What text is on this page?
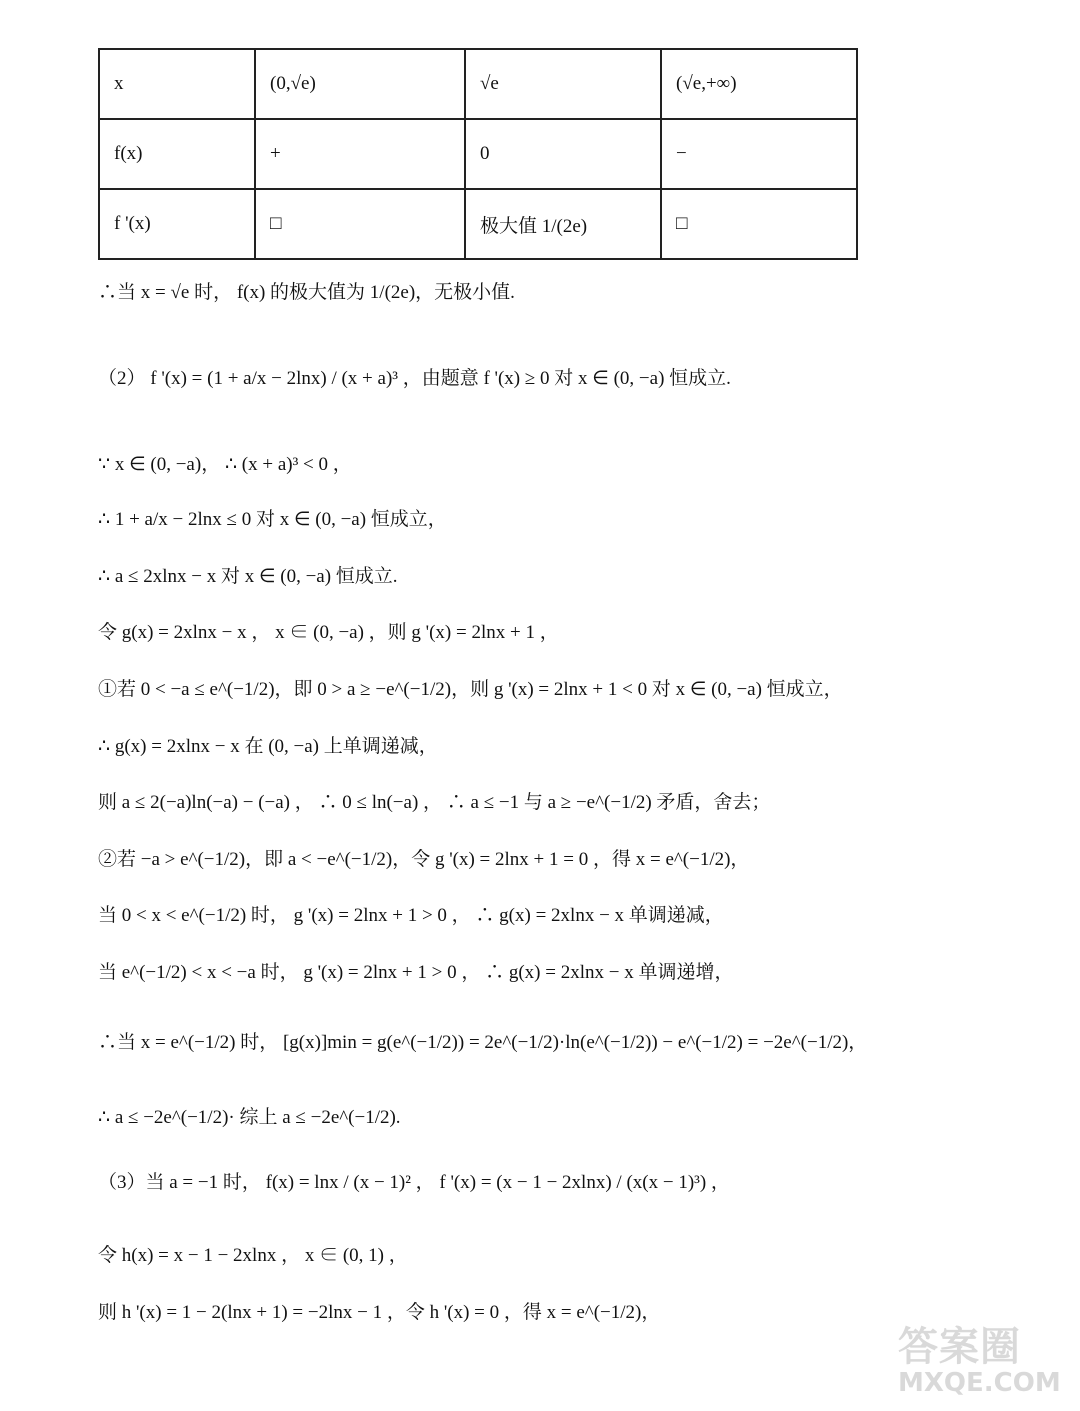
x	(0,√e)	√e	(√e,+∞)
f(x)	+	0	−
f '(x)	□	极大值 1/(2e)	□
∴当 x = √e 时， f(x) 的极大值为 1/(2e)，无极小值.
（2） f '(x) = (1 + a/x − 2lnx) / (x + a)³ ，由题意 f '(x) ≥ 0 对 x ∈ (0, −a) 恒成立.
∵ x ∈ (0, −a)， ∴ (x + a)³ < 0 ，
∴ 1 + a/x − 2lnx ≤ 0 对 x ∈ (0, −a) 恒成立，
∴ a ≤ 2xlnx − x 对 x ∈ (0, −a) 恒成立.
令 g(x) = 2xlnx − x ， x ∈ (0, −a) ，则 g '(x) = 2lnx + 1 ，
①若 0 < −a ≤ e^(−1/2)，即 0 > a ≥ −e^(−1/2)，则 g '(x) = 2lnx + 1 < 0 对 x ∈ (0, −a) 恒成立，
∴ g(x) = 2xlnx − x 在 (0, −a) 上单调递减，
则 a ≤ 2(−a)ln(−a) − (−a) ， ∴ 0 ≤ ln(−a) ， ∴ a ≤ −1 与 a ≥ −e^(−1/2) 矛盾，舍去；
②若 −a > e^(−1/2)，即 a < −e^(−1/2)，令 g '(x) = 2lnx + 1 = 0 ，得 x = e^(−1/2)，
当 0 < x < e^(−1/2) 时， g '(x) = 2lnx + 1 > 0 ， ∴ g(x) = 2xlnx − x 单调递减，
当 e^(−1/2) < x < −a 时， g '(x) = 2lnx + 1 > 0 ， ∴ g(x) = 2xlnx − x 单调递增，
∴当 x = e^(−1/2) 时， [g(x)]min = g(e^(−1/2)) = 2e^(−1/2)·ln(e^(−1/2)) − e^(−1/2) = −2e^(−1/2)，
∴ a ≤ −2e^(−1/2)· 综上 a ≤ −2e^(−1/2).
（3）当 a = −1 时， f(x) = lnx / (x − 1)² ， f '(x) = (x − 1 − 2xlnx) / (x(x − 1)³) ，
令 h(x) = x − 1 − 2xlnx ， x ∈ (0, 1) ，
则 h '(x) = 1 − 2(lnx + 1) = −2lnx − 1 ，令 h '(x) = 0 ，得 x = e^(−1/2)，
答案圈
MXQE.COM
